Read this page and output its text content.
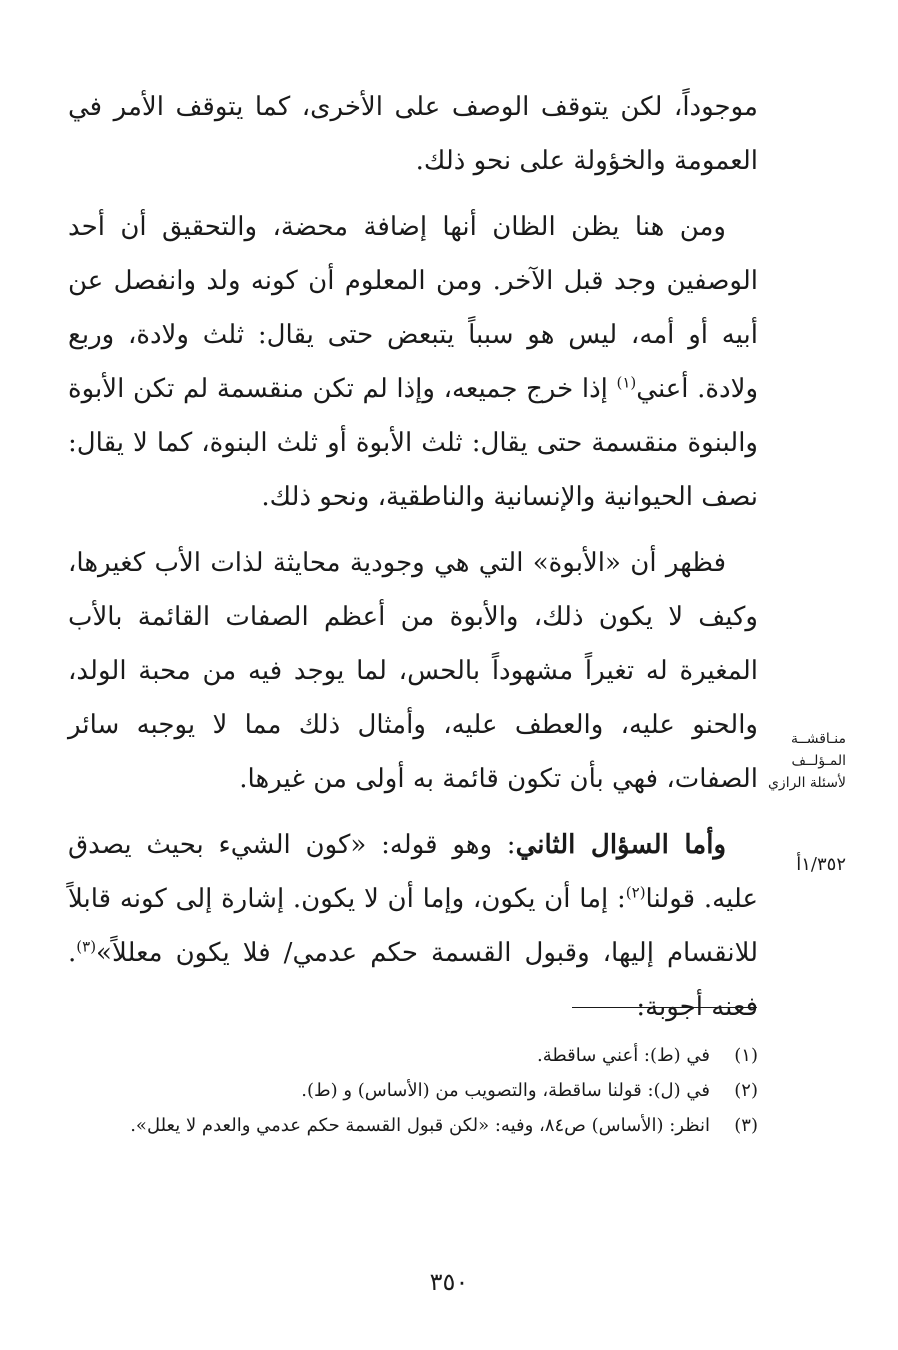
موجوداً، لكن يتوقف الوصف على الأخرى، كما يتوقف الأمر في العمومة والخؤولة على نحو ذلك.

ومن هنا يظن الظان أنها إضافة محضة، والتحقيق أن أحد الوصفين وجد قبل الآخر. ومن المعلوم أن كونه ولد وانفصل عن أبيه أو أمه، ليس هو سبباً يتبعض حتى يقال: ثلث ولادة، وربع ولادة. أعني$^{(١)}$ إذا خرج جميعه، وإذا لم تكن منقسمة لم تكن الأبوة والبنوة منقسمة حتى يقال: ثلث الأبوة أو ثلث البنوة، كما لا يقال: نصف الحيوانية والإنسانية والناطقية، ونحو ذلك.

فظهر أن «الأبوة» التي هي وجودية محايثة لذات الأب كغيرها، وكيف لا يكون ذلك، والأبوة من أعظم الصفات القائمة بالأب المغيرة له تغيراً مشهوداً بالحس، لما يوجد فيه من محبة الولد، والحنو عليه، والعطف عليه، وأمثال ذلك مما لا يوجبه سائر الصفات، فهي بأن تكون قائمة به أولى من غيرها.

وأما السؤال الثاني: وهو قوله: «كون الشيء بحيث يصدق عليه. قولنا$^{(٢)}$: إما أن يكون، وإما أن لا يكون. إشارة إلى كونه قابلاً للانقسام إليها، وقبول القسمة حكم عدمي/ فلا يكون معللاً»$^{(٣)}$. فعنه أجوبة:

منـاقشــة
المـؤلــف
لأسئلة الرازي
١/٣٥٢أ
(١)
في (ط): أعني ساقطة.
(٢)
في (ل): قولنا ساقطة، والتصويب من (الأساس) و (ط).
(٣)
انظر: (الأساس) ص٨٤، وفيه: «لكن قبول القسمة حكم عدمي والعدم لا يعلل».
٣٥٠
